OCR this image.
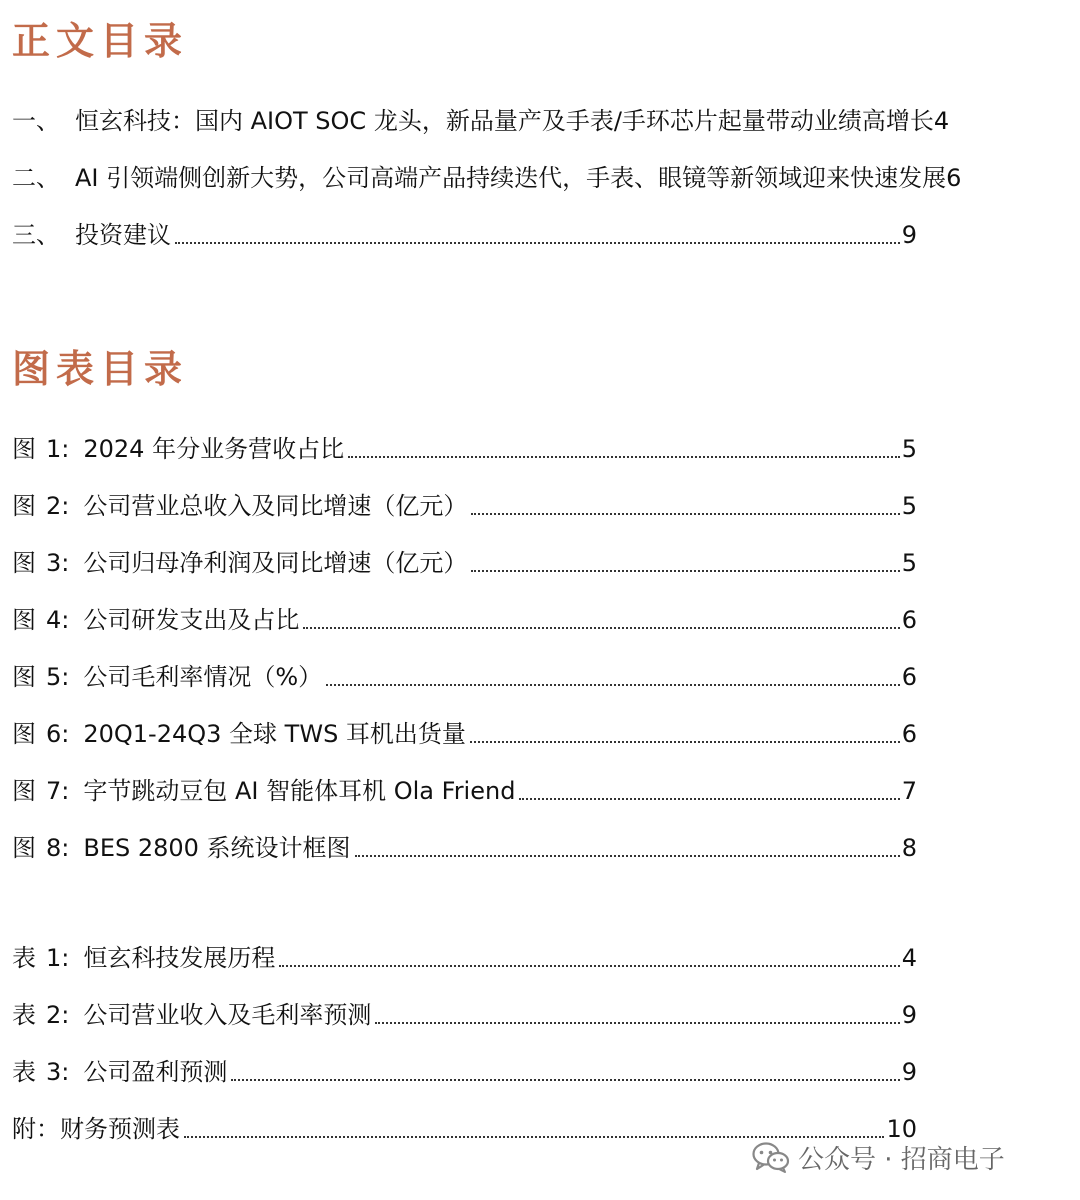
正文目录
一、 恒玄科技：国内 AIOT SOC 龙头，新品量产及手表/手环芯片起量带动业绩高增长 4
二、 AI 引领端侧创新大势，公司高端产品持续迭代，手表、眼镜等新领域迎来快速发展 6
三、 投资建议	9
图表目录
图 1: 2024 年分业务营收占比	5
图 2: 公司营业总收入及同比增速（亿元）	5
图 3: 公司归母净利润及同比增速（亿元）	5
图 4: 公司研发支出及占比	6
图 5: 公司毛利率情况（%）	6
图 6: 20Q1-24Q3 全球 TWS 耳机出货量	6
图 7: 字节跳动豆包 AI 智能体耳机 Ola Friend	7
图 8: BES 2800 系统设计框图	8
表 1: 恒玄科技发展历程	4
表 2: 公司营业收入及毛利率预测	9
表 3: 公司盈利预测	9
附：财务预测表	10
公众号 · 招商电子
